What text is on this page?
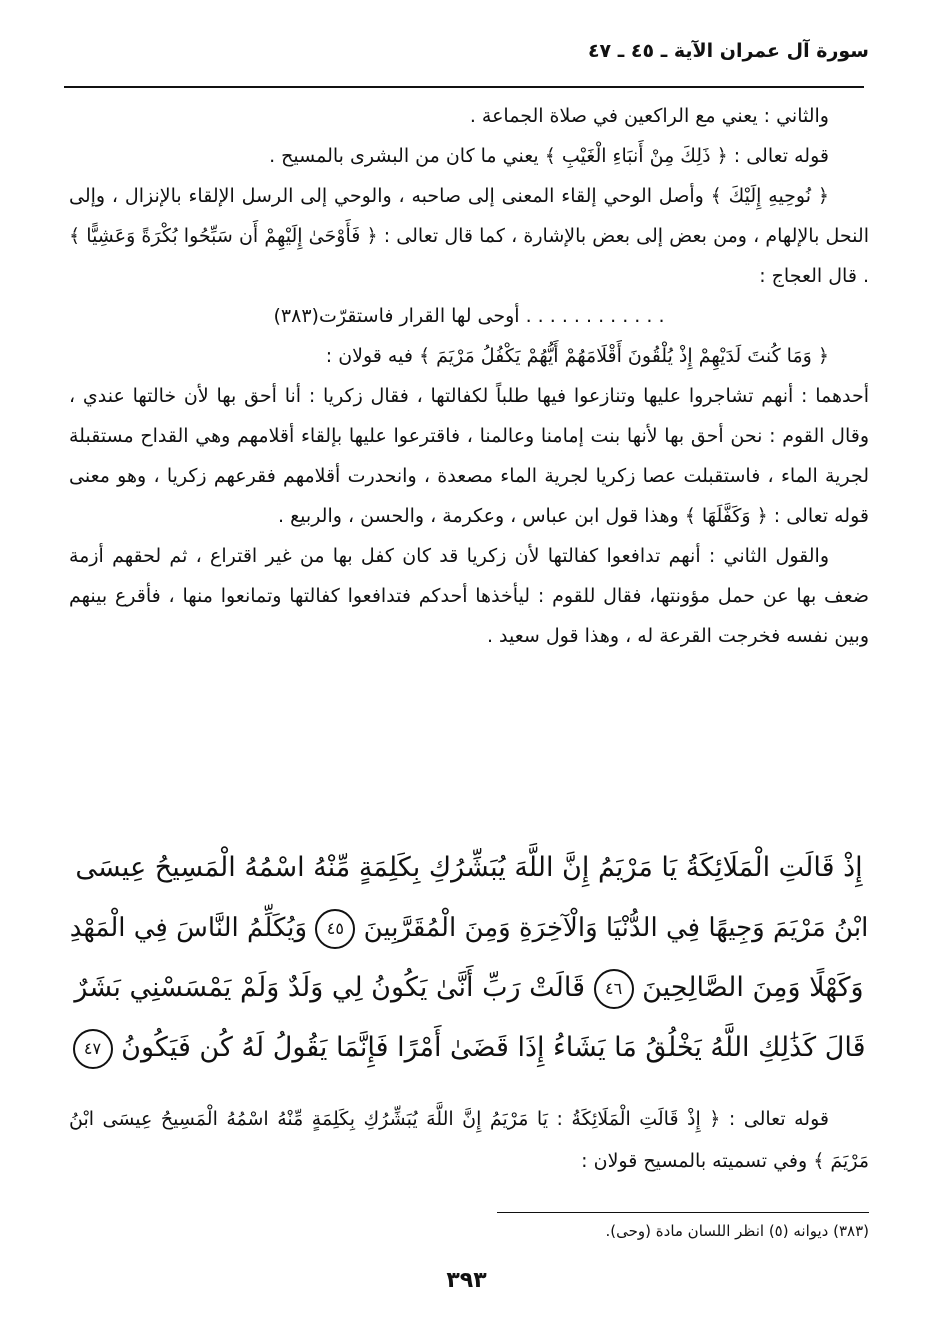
سورة آل عمران الآية ـ ٤٥ ـ ٤٧

والثاني : يعني مع الراكعين في صلاة الجماعة .

قوله تعالى : ﴿ ذَلِكَ مِنْ أَنبَاءِ الْغَيْبِ ﴾ يعني ما كان من البشرى بالمسيح .

﴿ نُوحِيهِ إِلَيْكَ ﴾ وأصل الوحي إلقاء المعنى إلى صاحبه ، والوحي إلى الرسل الإلقاء بالإنزال ، وإلى النحل بالإلهام ، ومن بعض إلى بعض بالإشارة ، كما قال تعالى : ﴿ فَأَوْحَىٰ إِلَيْهِمْ أَن سَبِّحُوا بُكْرَةً وَعَشِيًّا ﴾ . قال العجاج :

. . . . . . . . . . . . أوحى لها القرار فاستقرّت(٣٨٣)

﴿ وَمَا كُنتَ لَدَيْهِمْ إِذْ يُلْقُونَ أَقْلَامَهُمْ أَيُّهُمْ يَكْفُلُ مَرْيَمَ ﴾ فيه قولان :

أحدهما : أنهم تشاجروا عليها وتنازعوا فيها طلباً لكفالتها ، فقال زكريا : أنا أحق بها لأن خالتها عندي ، وقال القوم : نحن أحق بها لأنها بنت إمامنا وعالمنا ، فاقترعوا عليها بإلقاء أقلامهم وهي القداح مستقبلة لجرية الماء ، فاستقبلت عصا زكريا لجرية الماء مصعدة ، وانحدرت أقلامهم فقرعهم زكريا ، وهو معنى قوله تعالى : ﴿ وَكَفَّلَهَا ﴾ وهذا قول ابن عباس ، وعكرمة ، والحسن ، والربيع .

والقول الثاني : أنهم تدافعوا كفالتها لأن زكريا قد كان كفل بها من غير اقتراع ، ثم لحقهم أزمة ضعف بها عن حمل مؤونتها، فقال للقوم : ليأخذها أحدكم فتدافعوا كفالتها وتمانعوا منها ، فأقرع بينهم وبين نفسه فخرجت القرعة له ، وهذا قول سعيد .

إِذْ قَالَتِ الْمَلَائِكَةُ يَا مَرْيَمُ إِنَّ اللَّهَ يُبَشِّرُكِ بِكَلِمَةٍ مِّنْهُ اسْمُهُ الْمَسِيحُ عِيسَى
ابْنُ مَرْيَمَ وَجِيهًا فِي الدُّنْيَا وَالْآخِرَةِ وَمِنَ الْمُقَرَّبِينَ ٤٥ وَيُكَلِّمُ النَّاسَ فِي الْمَهْدِ
وَكَهْلًا وَمِنَ الصَّالِحِينَ ٤٦ قَالَتْ رَبِّ أَنَّىٰ يَكُونُ لِي وَلَدٌ وَلَمْ يَمْسَسْنِي بَشَرٌ
قَالَ كَذَٰلِكِ اللَّهُ يَخْلُقُ مَا يَشَاءُ إِذَا قَضَىٰ أَمْرًا فَإِنَّمَا يَقُولُ لَهُ كُن فَيَكُونُ ٤٧

قوله تعالى : ﴿ إِذْ قَالَتِ الْمَلَائِكَةُ : يَا مَرْيَمُ إِنَّ اللَّهَ يُبَشِّرُكِ بِكَلِمَةٍ مِّنْهُ اسْمُهُ الْمَسِيحُ عِيسَى ابْنُ مَرْيَمَ ﴾ وفي تسميته بالمسيح قولان :

(٣٨٣) ديوانه (٥) انظر اللسان مادة (وحى).
٣٩٣
